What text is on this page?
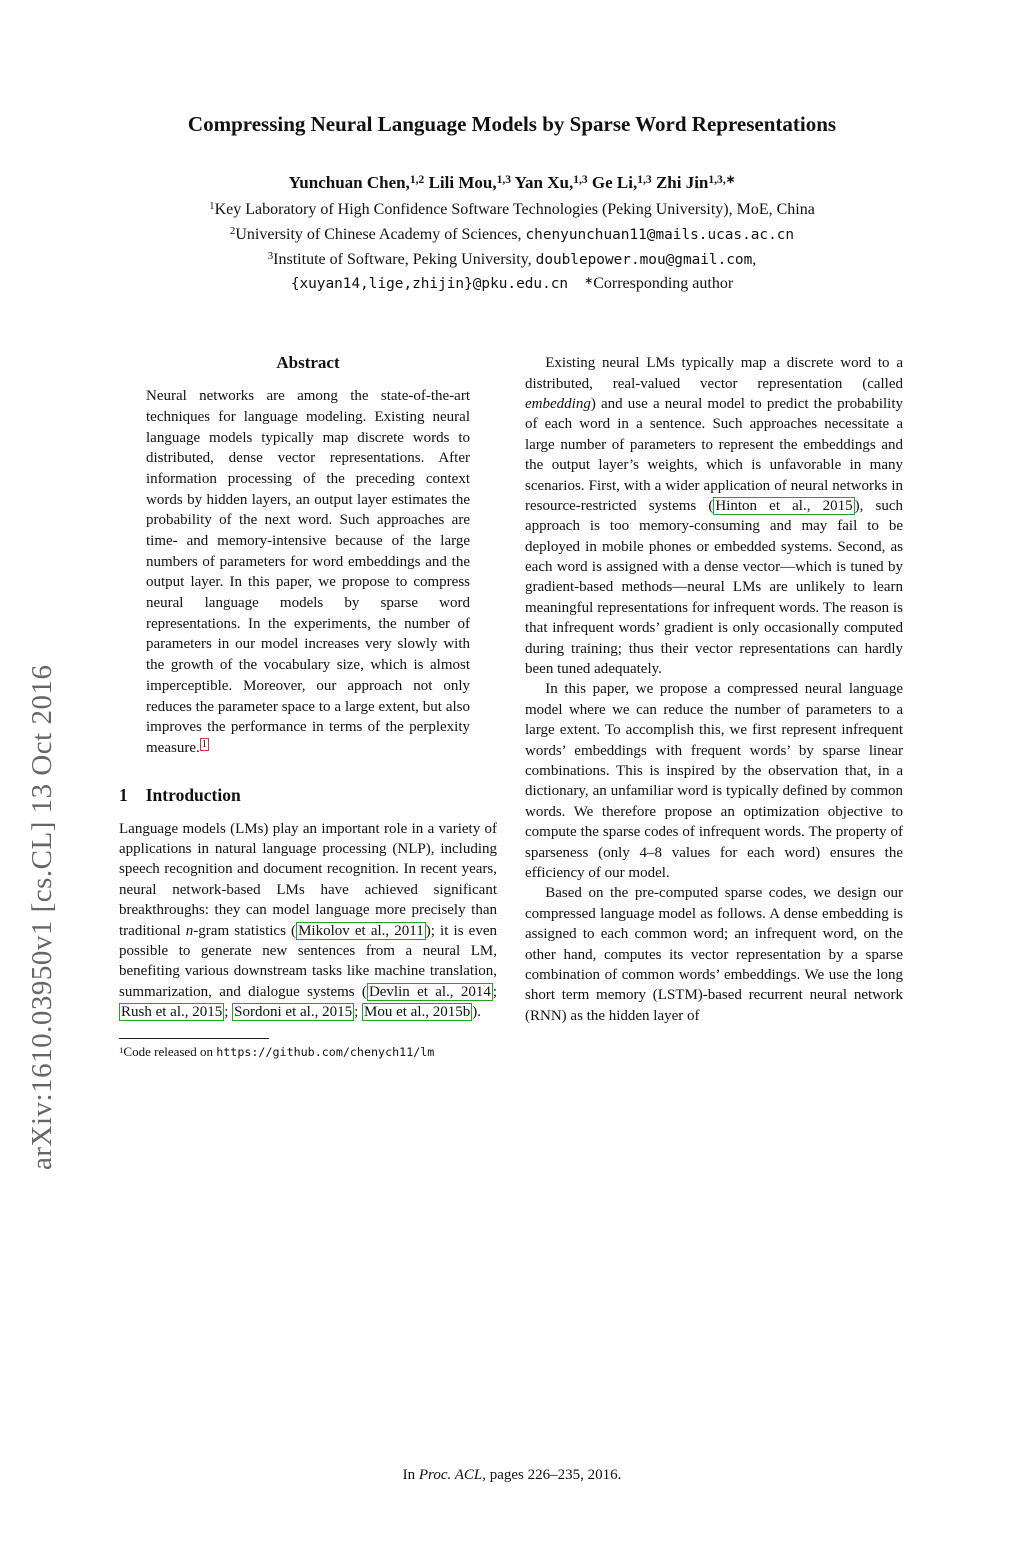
arXiv:1610.03950v1 [cs.CL] 13 Oct 2016
Compressing Neural Language Models by Sparse Word Representations
Yunchuan Chen,$^{1,2}$ Lili Mou,$^{1,3}$ Yan Xu,$^{1,3}$ Ge Li,$^{1,3}$ Zhi Jin$^{1,3,∗}$
$^1$Key Laboratory of High Confidence Software Technologies (Peking University), MoE, China
$^2$University of Chinese Academy of Sciences, chenyunchuan11@mails.ucas.ac.cn
$^3$Institute of Software, Peking University, doublepower.mou@gmail.com,
{xuyan14,lige,zhijin}@pku.edu.cn ∗Corresponding author
Abstract

Neural networks are among the state-of-the-art techniques for language modeling. Existing neural language models typically map discrete words to distributed, dense vector representations. After information processing of the preceding context words by hidden layers, an output layer estimates the probability of the next word. Such approaches are time- and memory-intensive because of the large numbers of parameters for word embeddings and the output layer. In this paper, we propose to compress neural language models by sparse word representations. In the experiments, the number of parameters in our model increases very slowly with the growth of the vocabulary size, which is almost imperceptible. Moreover, our approach not only reduces the parameter space to a large extent, but also improves the performance in terms of the perplexity measure. $^1$

1 Introduction

Language models (LMs) play an important role in a variety of applications in natural language processing (NLP), including speech recognition and document recognition. In recent years, neural network-based LMs have achieved significant breakthroughs: they can model language more precisely than traditional n-gram statistics ( Mikolov et al., 2011 ); it is even possible to generate new sentences from a neural LM, benefiting various downstream tasks like machine translation, summarization, and dialogue systems ( Devlin et al., 2014 ; Rush et al., 2015 ; Sordoni et al., 2015 ; Mou et al., 2015b ).

$^1$Code released on https://github.com/chenych11/lm

Existing neural LMs typically map a discrete word to a distributed, real-valued vector representation (called embedding) and use a neural model to predict the probability of each word in a sentence. Such approaches necessitate a large number of parameters to represent the embeddings and the output layer’s weights, which is unfavorable in many scenarios. First, with a wider application of neural networks in resource-restricted systems ( Hinton et al., 2015 ), such approach is too memory-consuming and may fail to be deployed in mobile phones or embedded systems. Second, as each word is assigned with a dense vector—which is tuned by gradient-based methods—neural LMs are unlikely to learn meaningful representations for infrequent words. The reason is that infrequent words’ gradient is only occasionally computed during training; thus their vector representations can hardly been tuned adequately.

In this paper, we propose a compressed neural language model where we can reduce the number of parameters to a large extent. To accomplish this, we first represent infrequent words’ embeddings with frequent words’ by sparse linear combinations. This is inspired by the observation that, in a dictionary, an unfamiliar word is typically defined by common words. We therefore propose an optimization objective to compute the sparse codes of infrequent words. The property of sparseness (only 4–8 values for each word) ensures the efficiency of our model.

Based on the pre-computed sparse codes, we design our compressed language model as follows. A dense embedding is assigned to each common word; an infrequent word, on the other hand, computes its vector representation by a sparse combination of common words’ embeddings. We use the long short term memory (LSTM)-based recurrent neural network (RNN) as the hidden layer of

In Proc. ACL, pages 226–235, 2016.
